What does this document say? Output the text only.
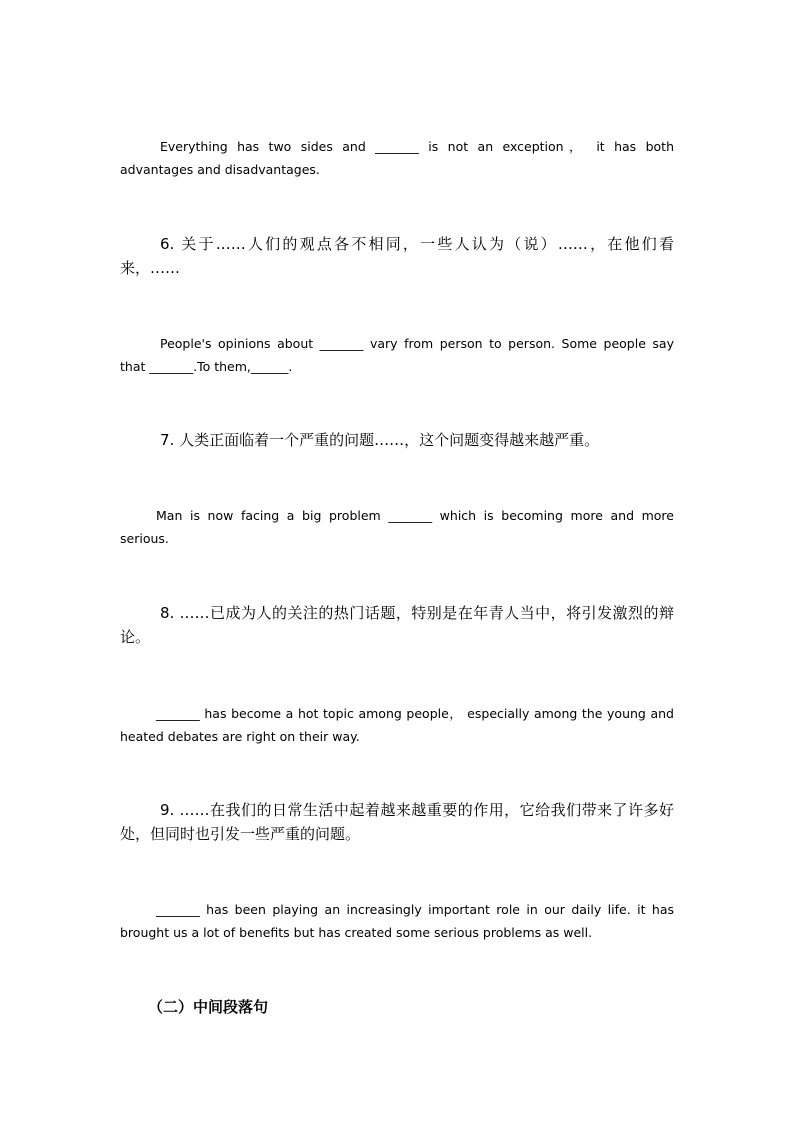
Everything has two sides and _______ is not an exception， it has both advantages and disadvantages.

6. 关于……人们的观点各不相同，一些人认为（说）……，在他们看来，……

People's opinions about _______ vary from person to person. Some people say that _______.To them,______.

7. 人类正面临着一个严重的问题……，这个问题变得越来越严重。

Man is now facing a big problem _______ which is becoming more and more serious.

8. ……已成为人的关注的热门话题，特别是在年青人当中，将引发激烈的辩论。

_______ has become a hot topic among people， especially among the young and heated debates are right on their way.

9. ……在我们的日常生活中起着越来越重要的作用，它给我们带来了许多好处，但同时也引发一些严重的问题。

_______ has been playing an increasingly important role in our daily life. it has brought us a lot of benefits but has created some serious problems as well.

（二）中间段落句
